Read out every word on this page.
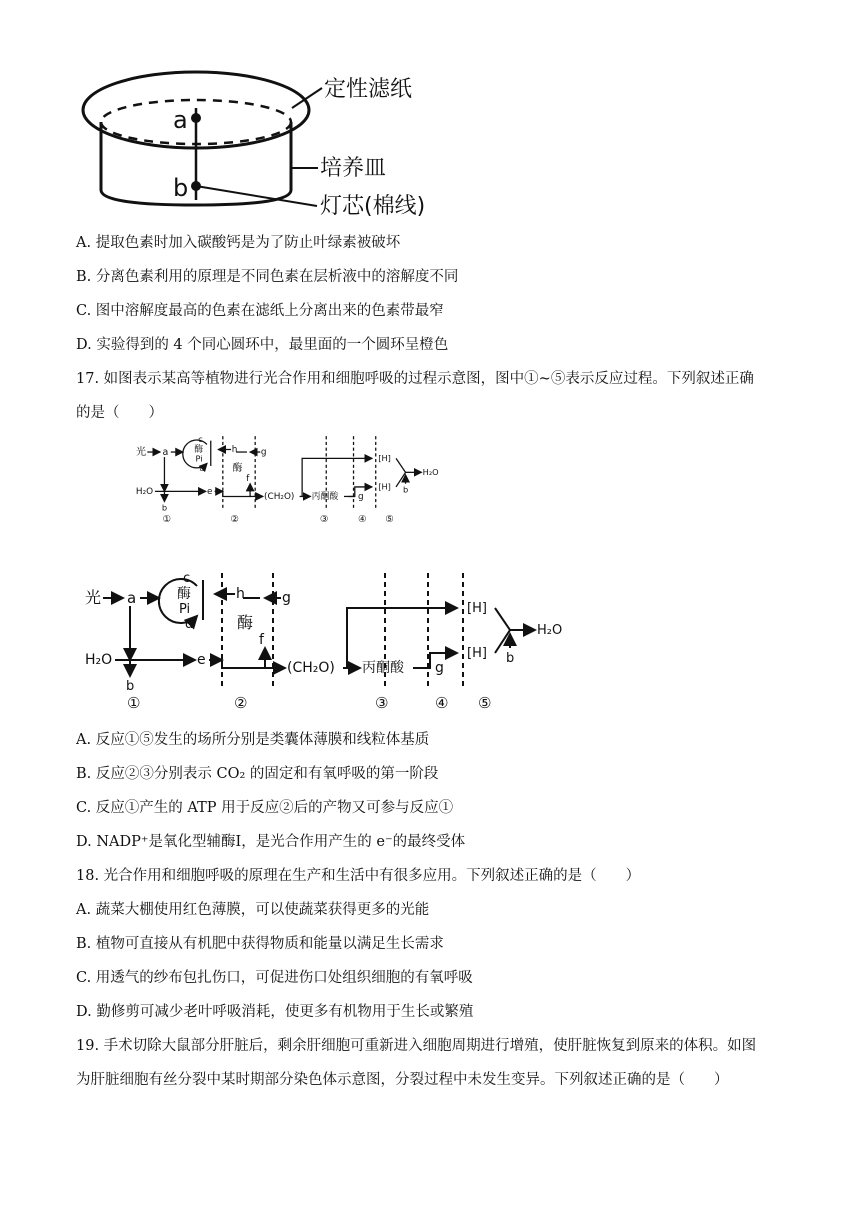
a
b
定性滤纸
培养皿
灯芯(棉线)
A. 提取色素时加入碳酸钙是为了防止叶绿素被破坏
B. 分离色素利用的原理是不同色素在层析液中的溶解度不同
C. 图中溶解度最高的色素在滤纸上分离出来的色素带最窄
D. 实验得到的 4 个同心圆环中，最里面的一个圆环呈橙色
17. 如图表示某高等植物进行光合作用和细胞呼吸的过程示意图，图中①~⑤表示反应过程。下列叙述正确
的是（　　）
光 a
c
酶
Pi
d
h
H₂O
b
e
①
f
酶
g
②
(CH₂O) 丙酮酸 g
[H]
[H]
H₂O
b
③ ④ ⑤
光 a
c
酶
Pi
d
h
H₂O
b
e
①
f
酶
g
②
(CH₂O) 丙酮酸 g
[H]
[H]
H₂O
b
③	④ ⑤
A. 反应①⑤发生的场所分别是类囊体薄膜和线粒体基质
B. 反应②③分别表示 CO₂ 的固定和有氧呼吸的第一阶段
C. 反应①产生的 ATP 用于反应②后的产物又可参与反应①
D. NADP⁺是氧化型辅酶Ⅰ，是光合作用产生的 e⁻的最终受体
18. 光合作用和细胞呼吸的原理在生产和生活中有很多应用。下列叙述正确的是（　　）
A. 蔬菜大棚使用红色薄膜，可以使蔬菜获得更多的光能
B. 植物可直接从有机肥中获得物质和能量以满足生长需求
C. 用透气的纱布包扎伤口，可促进伤口处组织细胞的有氧呼吸
D. 勤修剪可减少老叶呼吸消耗，使更多有机物用于生长或繁殖
19. 手术切除大鼠部分肝脏后，剩余肝细胞可重新进入细胞周期进行增殖，使肝脏恢复到原来的体积。如图
为肝脏细胞有丝分裂中某时期部分染色体示意图，分裂过程中未发生变异。下列叙述正确的是（　　）
